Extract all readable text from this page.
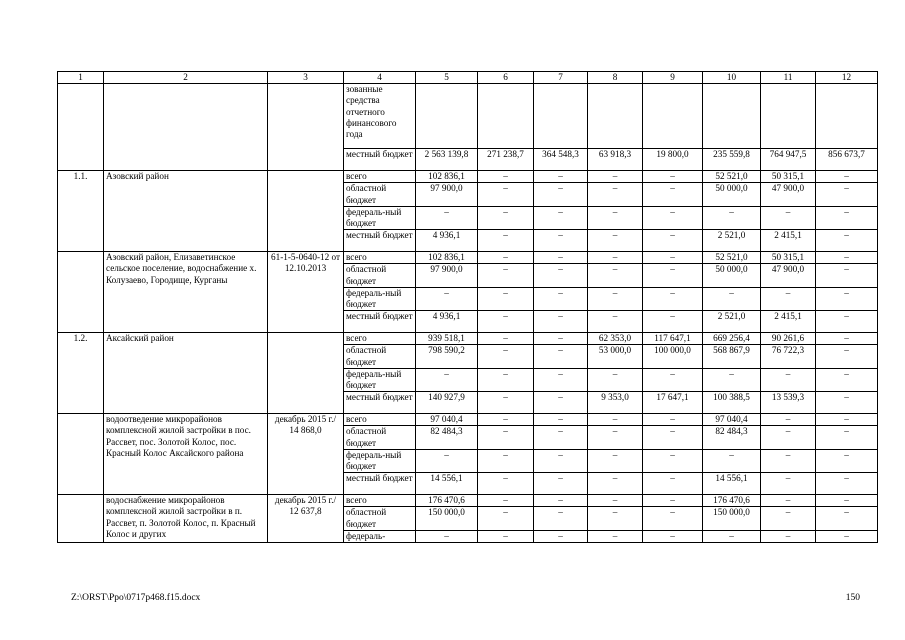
1	2	3	4	5	6	7	8	9	10	11	12
			зованные средства отчетного финансового года								
			местный бюджет	2 563 139,8	271 238,7	364 548,3	63 918,3	19 800,0	235 559,8	764 947,5	856 673,7
1.1.	Азовский район		всего	102 836,1	–	–	–	–	52 521,0	50 315,1	–
			областной бюджет	97 900,0	–	–	–	–	50 000,0	47 900,0	–
			федераль-ный бюджет	–	–	–	–	–	–	–	–
			местный бюджет	4 936,1	–	–	–	–	2 521,0	2 415,1	–
	Азовский район, Елизаветинское сельское поселение, водоснабжение х. Колузаево, Городище, Курганы	61-1-5-0640-12 от 12.10.2013	всего	102 836,1	–	–	–	–	52 521,0	50 315,1	–
			областной бюджет	97 900,0	–	–	–	–	50 000,0	47 900,0	–
			федераль-ный бюджет	–	–	–	–	–	–	–	–
			местный бюджет	4 936,1	–	–	–	–	2 521,0	2 415,1	–
1.2.	Аксайский район		всего	939 518,1	–	–	62 353,0	117 647,1	669 256,4	90 261,6	–
			областной бюджет	798 590,2	–	–	53 000,0	100 000,0	568 867,9	76 722,3	–
			федераль-ный бюджет	–	–	–	–	–	–	–	–
			местный бюджет	140 927,9	–	–	9 353,0	17 647,1	100 388,5	13 539,3	–
	водоотведение микрорайонов комплексной жилой застройки в пос. Рассвет, пос. Золотой Колос, пос. Красный Колос Аксайского района	декабрь 2015 г./ 14 868,0	всего	97 040,4	–	–	–	–	97 040,4	–	–
			областной бюджет	82 484,3	–	–	–	–	82 484,3	–	–
			федераль-ный бюджет	–	–	–	–	–	–	–	–
			местный бюджет	14 556,1	–	–	–	–	14 556,1	–	–
	водоснабжение микрорайонов комплексной жилой застройки в п. Рассвет, п. Золотой Колос, п. Красный Колос и других	декабрь 2015 г./ 12 637,8	всего	176 470,6	–	–	–	–	176 470,6	–	–
			областной бюджет	150 000,0	–	–	–	–	150 000,0	–	–
			федераль-	–	–	–	–	–	–	–	–
Z:\ORST\Ppo\0717p468.f15.docx	150
